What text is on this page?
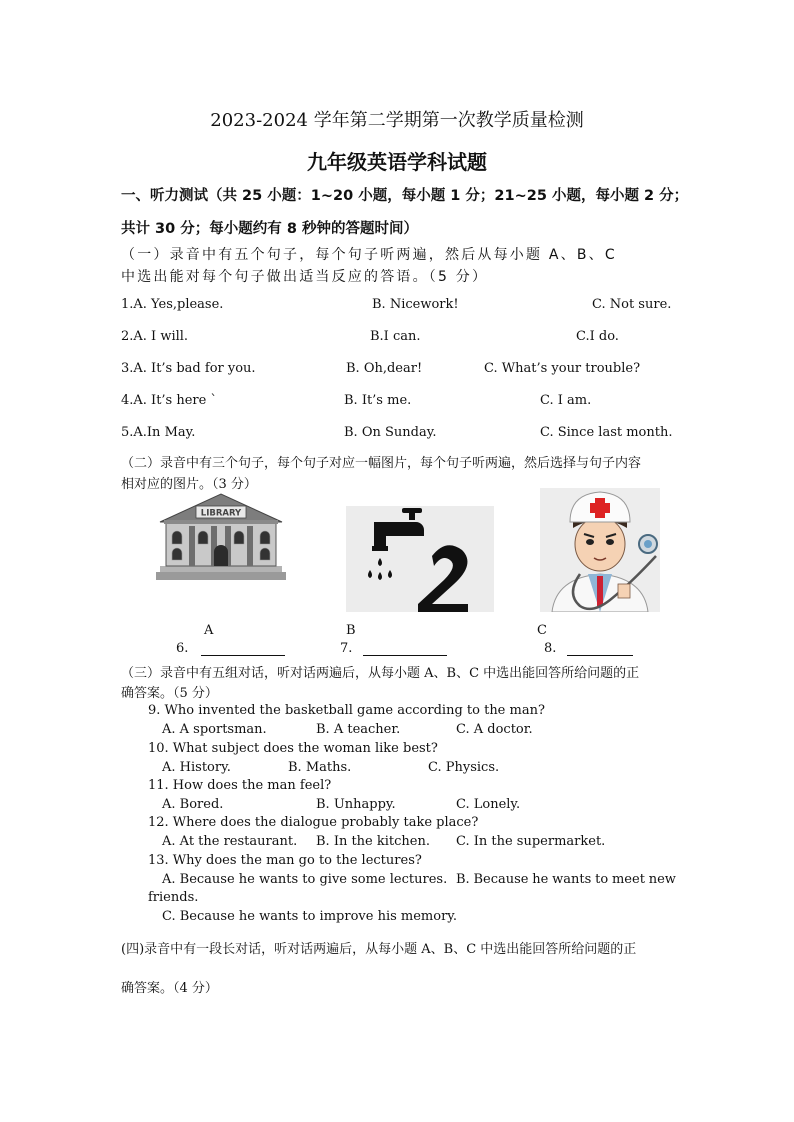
2023-2024 学年第二学期第一次教学质量检测
九年级英语学科试题
一、听力测试（共 25 小题：1~20 小题，每小题 1 分；21~25 小题，每小题 2 分；
共计 30 分；每小题约有 8 秒钟的答题时间）
（一）录音中有五个句子，每个句子听两遍，然后从每小题 A、B、C
中选出能对每个句子做出适当反应的答语。（5 分）
1.A. Yes,please.	B. Nicework!	C. Not sure.
2.A. I will.	B.I can.	C.I do.
3.A. It’s bad for you.	B. Oh,dear!	C. What’s your trouble?
4.A. It’s here `	B. It’s me.	C. I am.
5.A.In May.	B. On Sunday.	C. Since last month.
（二）录音中有三个句子，每个句子对应一幅图片，每个句子听两遍，然后选择与句子内容
相对应的图片。（3 分）
LIBRARY
A	B	C
6.	7.	8.
（三）录音中有五组对话，听对话两遍后，从每小题 A、B、C 中选出能回答所给问题的正
确答案。（5 分）
9. Who invented the basketball game according to the man?
A. A sportsman.	B. A teacher.	C. A doctor.
10. What subject does the woman like best?
A. History.	B. Maths.	C. Physics.
11. How does the man feel?
A. Bored.	B. Unhappy.	C. Lonely.
12. Where does the dialogue probably take place?
A. At the restaurant. B. In the kitchen. C. In the supermarket.
13. Why does the man go to the lectures?
A. Because he wants to give some lectures. B. Because he wants to meet new
friends.
C. Because he wants to improve his memory.
(四)录音中有一段长对话，听对话两遍后，从每小题 A、B、C 中选出能回答所给问题的正
确答案。（4 分）
